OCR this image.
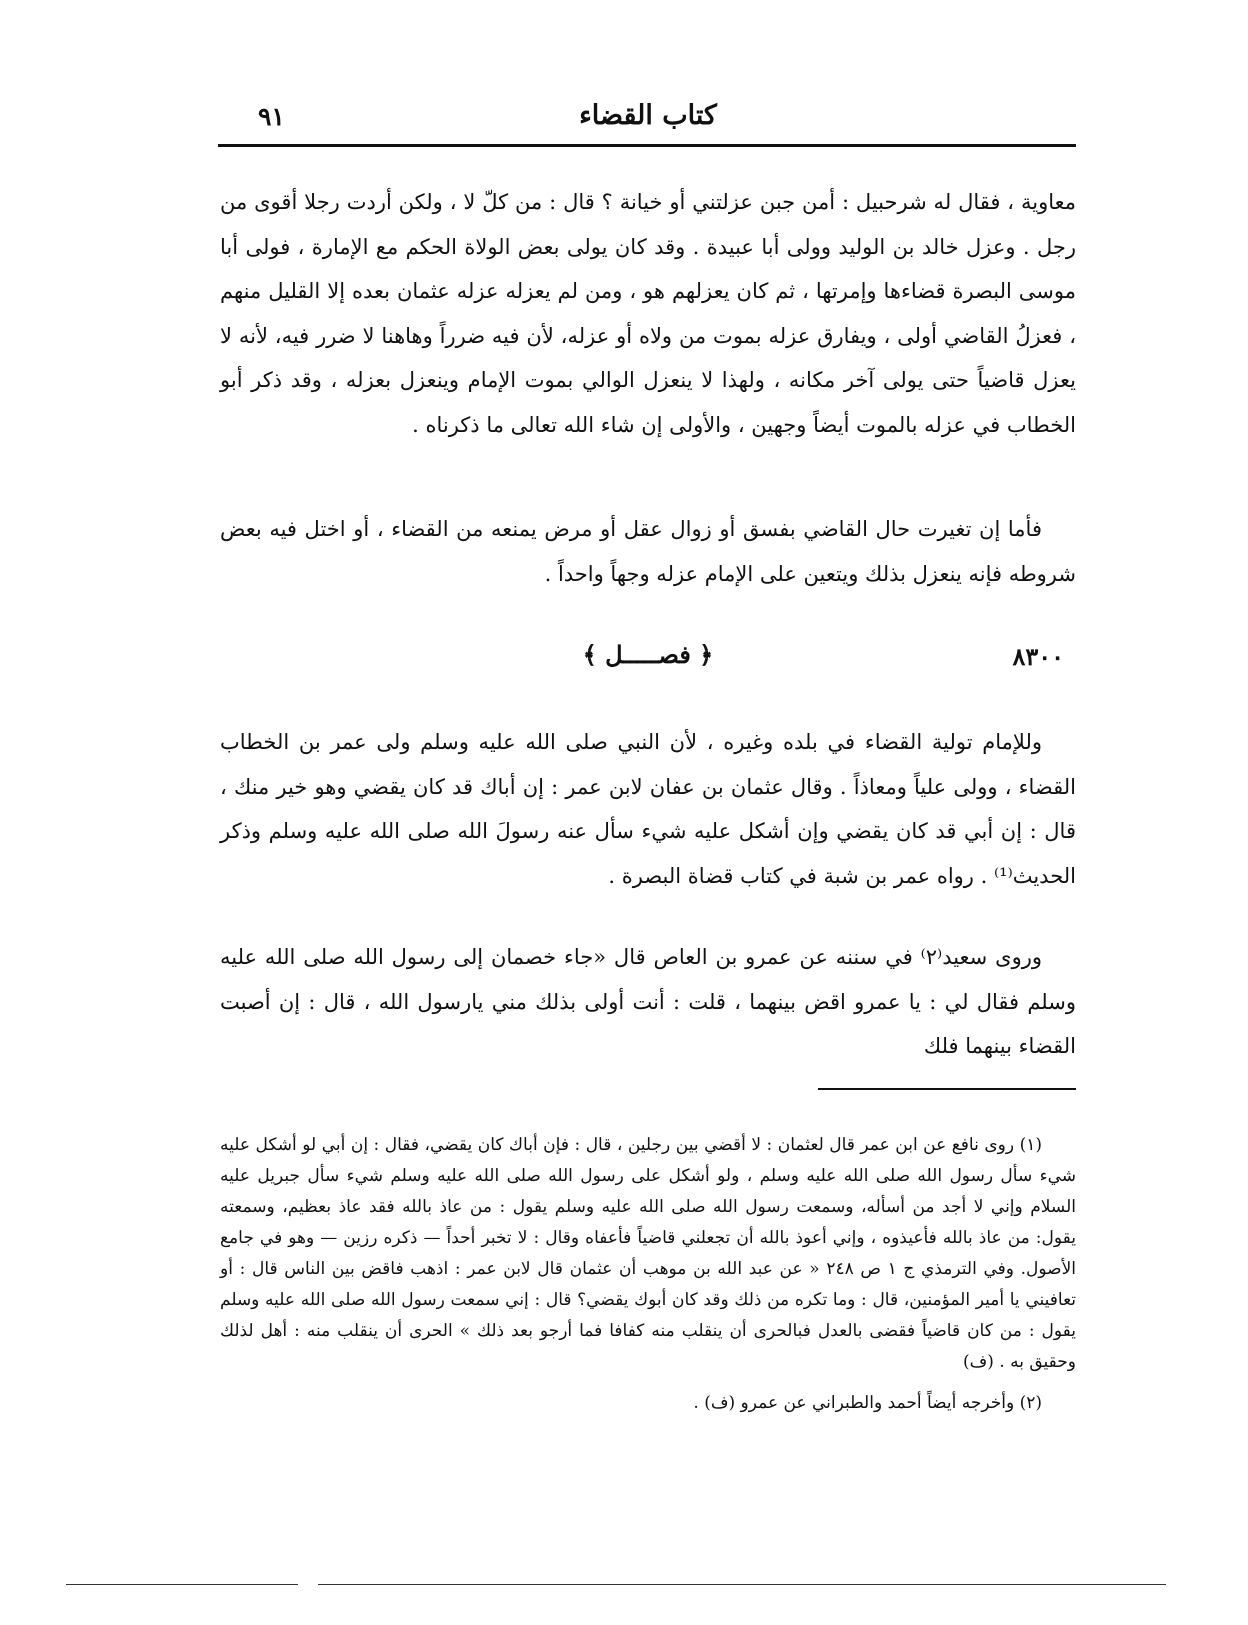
٩١	كتاب القضاء

معاوية ، فقال له شرحبيل : أمن جبن عزلتني أو خيانة ؟ قال : من كلّ لا ، ولكن أردت رجلا أقوى من رجل . وعزل خالد بن الوليد وولى أبا عبيدة . وقد كان يولى بعض الولاة الحكم مع الإمارة ، فولى أبا موسى البصرة قضاءها وإمرتها ، ثم كان يعزلهم هو ، ومن لم يعزله عزله عثمان بعده إلا القليل منهم ، فعزلُ القاضي أولى ، ويفارق عزله بموت من ولاه أو عزله، لأن فيه ضرراً وهاهنا لا ضرر فيه، لأنه لا يعزل قاضياً حتى يولى آخر مكانه ، ولهذا لا ينعزل الوالي بموت الإمام وينعزل بعزله ، وقد ذكر أبو الخطاب في عزله بالموت أيضاً وجهين ، والأولى إن شاء الله تعالى ما ذكرناه .

فأما إن تغيرت حال القاضي بفسق أو زوال عقل أو مرض يمنعه من القضاء ، أو اختل فيه بعض شروطه فإنه ينعزل بذلك ويتعين على الإمام عزله وجهاً واحداً .

٨٣٠٠
﴿ فصـــــل ﴾

وللإمام تولية القضاء في بلده وغيره ، لأن النبي صلى الله عليه وسلم ولى عمر بن الخطاب القضاء ، وولى علياً ومعاذاً . وقال عثمان بن عفان لابن عمر : إن أباك قد كان يقضي وهو خير منك ، قال : إن أبي قد كان يقضي وإن أشكل عليه شيء سأل عنه رسولَ الله صلى الله عليه وسلم وذكر الحديث⁽¹⁾ . رواه عمر بن شبة في كتاب قضاة البصرة .

وروى سعيد⁽٢⁾ في سننه عن عمرو بن العاص قال «جاء خصمان إلى رسول الله صلى الله عليه وسلم فقال لي : يا عمرو اقض بينهما ، قلت : أنت أولى بذلك مني يارسول الله ، قال : إن أصبت القضاء بينهما فلك

(١) روى نافع عن ابن عمر قال لعثمان : لا أقضي بين رجلين ، قال : فإن أباك كان يقضي، فقال : إن أبي لو أشكل عليه شيء سأل رسول الله صلى الله عليه وسلم ، ولو أشكل على رسول الله صلى الله عليه وسلم شيء سأل جبريل عليه السلام وإني لا أجد من أسأله، وسمعت رسول الله صلى الله عليه وسلم يقول : من عاذ بالله فقد عاذ بعظيم، وسمعته يقول: من عاذ بالله فأعيذوه ، وإني أعوذ بالله أن تجعلني قاضياً فأعفاه وقال : لا تخبر أحداً — ذكره رزين — وهو في جامع الأصول. وفي الترمذي ج ١ ص ٢٤٨ « عن عبد الله بن موهب أن عثمان قال لابن عمر : اذهب فاقض بين الناس قال : أو تعافيني يا أمير المؤمنين، قال : وما تكره من ذلك وقد كان أبوك يقضي؟ قال : إني سمعت رسول الله صلى الله عليه وسلم يقول : من كان قاضياً فقضى بالعدل فبالحرى أن ينقلب منه كفافا فما أرجو بعد ذلك » الحرى أن ينقلب منه : أهل لذلك وحقيق به . (ف)

(٢) وأخرجه أيضاً أحمد والطبراني عن عمرو (ف) .
